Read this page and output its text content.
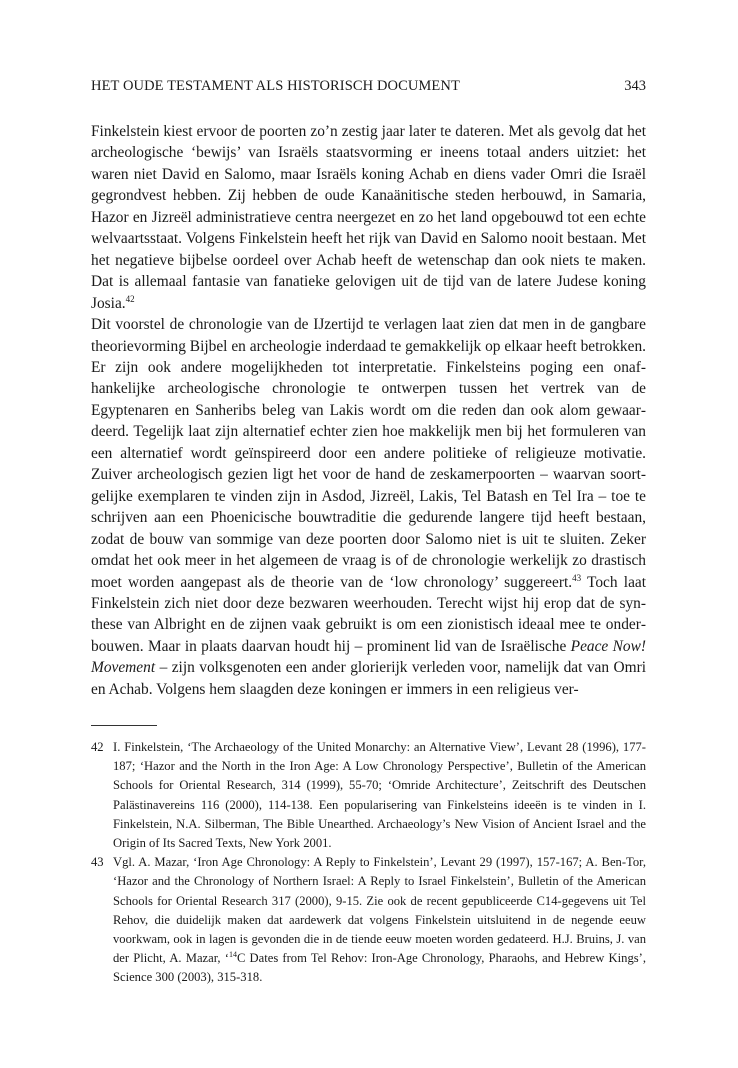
HET OUDE TESTAMENT ALS HISTORISCH DOCUMENT	343

Finkelstein kiest ervoor de poorten zo’n zestig jaar later te dateren. Met als gevolg dat het archeologische ‘bewijs’ van Israëls staatsvorming er ineens totaal anders uitziet: het waren niet David en Salomo, maar Israëls koning Achab en diens vader Omri die Israël gegrondvest hebben. Zij hebben de oude Kanaänitische steden herbouwd, in Samaria, Hazor en Jizreël administratieve centra neergezet en zo het land opgebouwd tot een echte welvaartsstaat. Volgens Finkelstein heeft het rijk van David en Salomo nooit bestaan. Met het negatieve bijbelse oordeel over Achab heeft de wetenschap dan ook niets te maken. Dat is allemaal fantasie van fanatieke gelovigen uit de tijd van de latere Judese koning Josia.$^{42}$

Dit voorstel de chronologie van de IJzertijd te verlagen laat zien dat men in de gangbare theorievorming Bijbel en archeologie inderdaad te gemakkelijk op elkaar heeft betrokken. Er zijn ook andere mogelijkheden tot interpretatie. Finkelsteins poging een onafhankelijke archeologische chronologie te ontwerpen tussen het vertrek van de Egyptenaren en Sanheribs beleg van Lakis wordt om die reden dan ook alom gewaardeerd. Tegelijk laat zijn alternatief echter zien hoe makkelijk men bij het formuleren van een alternatief wordt geïnspireerd door een andere politieke of religieuze motivatie. Zuiver archeologisch gezien ligt het voor de hand de zeskamerpoorten – waarvan soortgelijke exemplaren te vinden zijn in Asdod, Jizreël, Lakis, Tel Batash en Tel Ira – toe te schrijven aan een Phoenicische bouwtraditie die gedurende langere tijd heeft bestaan, zodat de bouw van sommige van deze poorten door Salomo niet is uit te sluiten. Zeker omdat het ook meer in het algemeen de vraag is of de chronologie werkelijk zo drastisch moet worden aangepast als de theorie van de ‘low chronology’ suggereert.$^{43}$ Toch laat Finkelstein zich niet door deze bezwaren weerhouden. Terecht wijst hij erop dat de synthese van Albright en de zijnen vaak gebruikt is om een zionistisch ideaal mee te onderbouwen. Maar in plaats daarvan houdt hij – prominent lid van de Israëlische Peace Now! Movement – zijn volksgenoten een ander glorierijk verleden voor, namelijk dat van Omri en Achab. Volgens hem slaagden deze koningen er immers in een religieus ver-

42 I. Finkelstein, ‘The Archaeology of the United Monarchy: an Alternative View’, Levant 28 (1996), 177-187; ‘Hazor and the North in the Iron Age: A Low Chronology Perspective’, Bulletin of the American Schools for Oriental Research, 314 (1999), 55-70; ‘Omride Architecture’, Zeitschrift des Deutschen Palästinavereins 116 (2000), 114-138. Een popularisering van Finkelsteins ideeën is te vinden in I. Finkelstein, N.A. Silberman, The Bible Unearthed. Archaeology’s New Vision of Ancient Israel and the Origin of Its Sacred Texts, New York 2001.
43 Vgl. A. Mazar, ‘Iron Age Chronology: A Reply to Finkelstein’, Levant 29 (1997), 157-167; A. Ben-Tor, ‘Hazor and the Chronology of Northern Israel: A Reply to Israel Finkelstein’, Bulletin of the American Schools for Oriental Research 317 (2000), 9-15. Zie ook de recent gepubliceerde C14-gegevens uit Tel Rehov, die duidelijk maken dat aardewerk dat volgens Finkelstein uitsluitend in de negende eeuw voorkwam, ook in lagen is gevonden die in de tiende eeuw moeten worden gedateerd. H.J. Bruins, J. van der Plicht, A. Mazar, ‘$^{14}$C Dates from Tel Rehov: Iron-Age Chronology, Pharaohs, and Hebrew Kings’, Science 300 (2003), 315-318.
